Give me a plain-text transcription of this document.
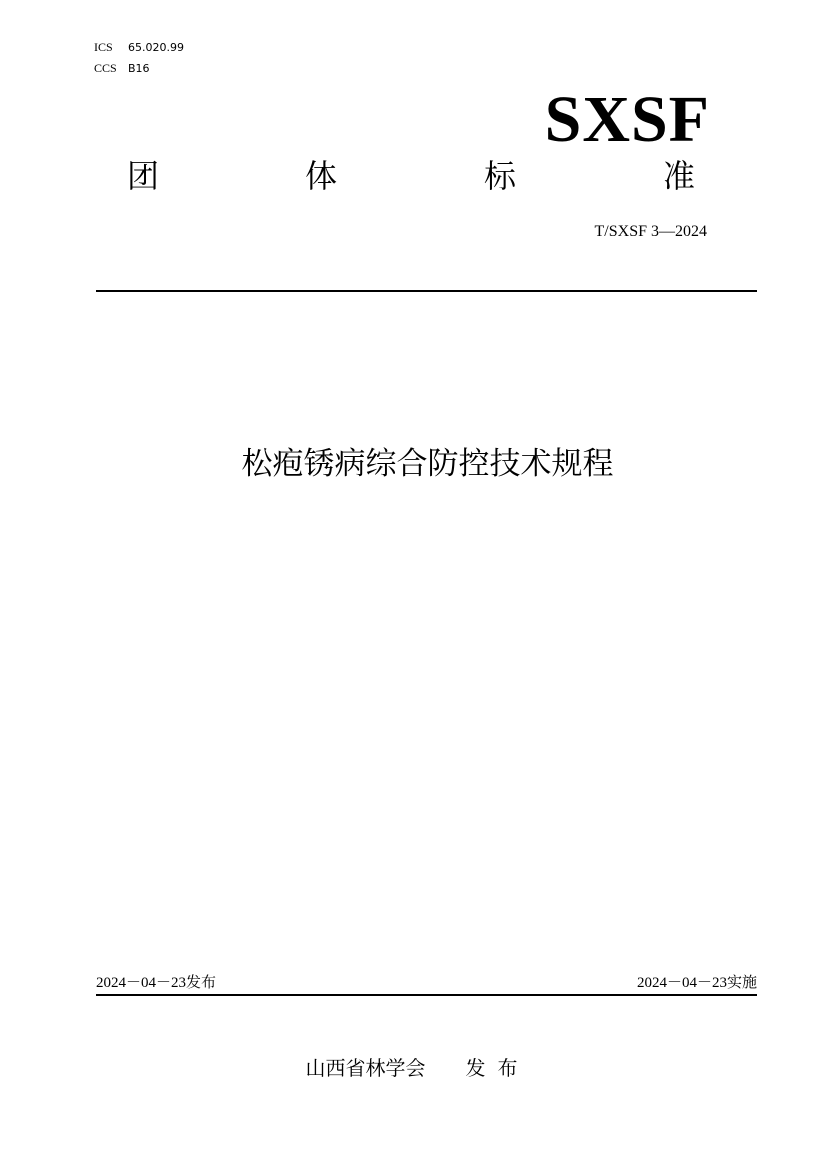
ICS 65.020.99
CCS B16
SXSF
团	体	标	准
T/SXSF 3—2024
松疱锈病综合防控技术规程
2024－04－23发布	2024－04－23实施
山西省林学会 发布
